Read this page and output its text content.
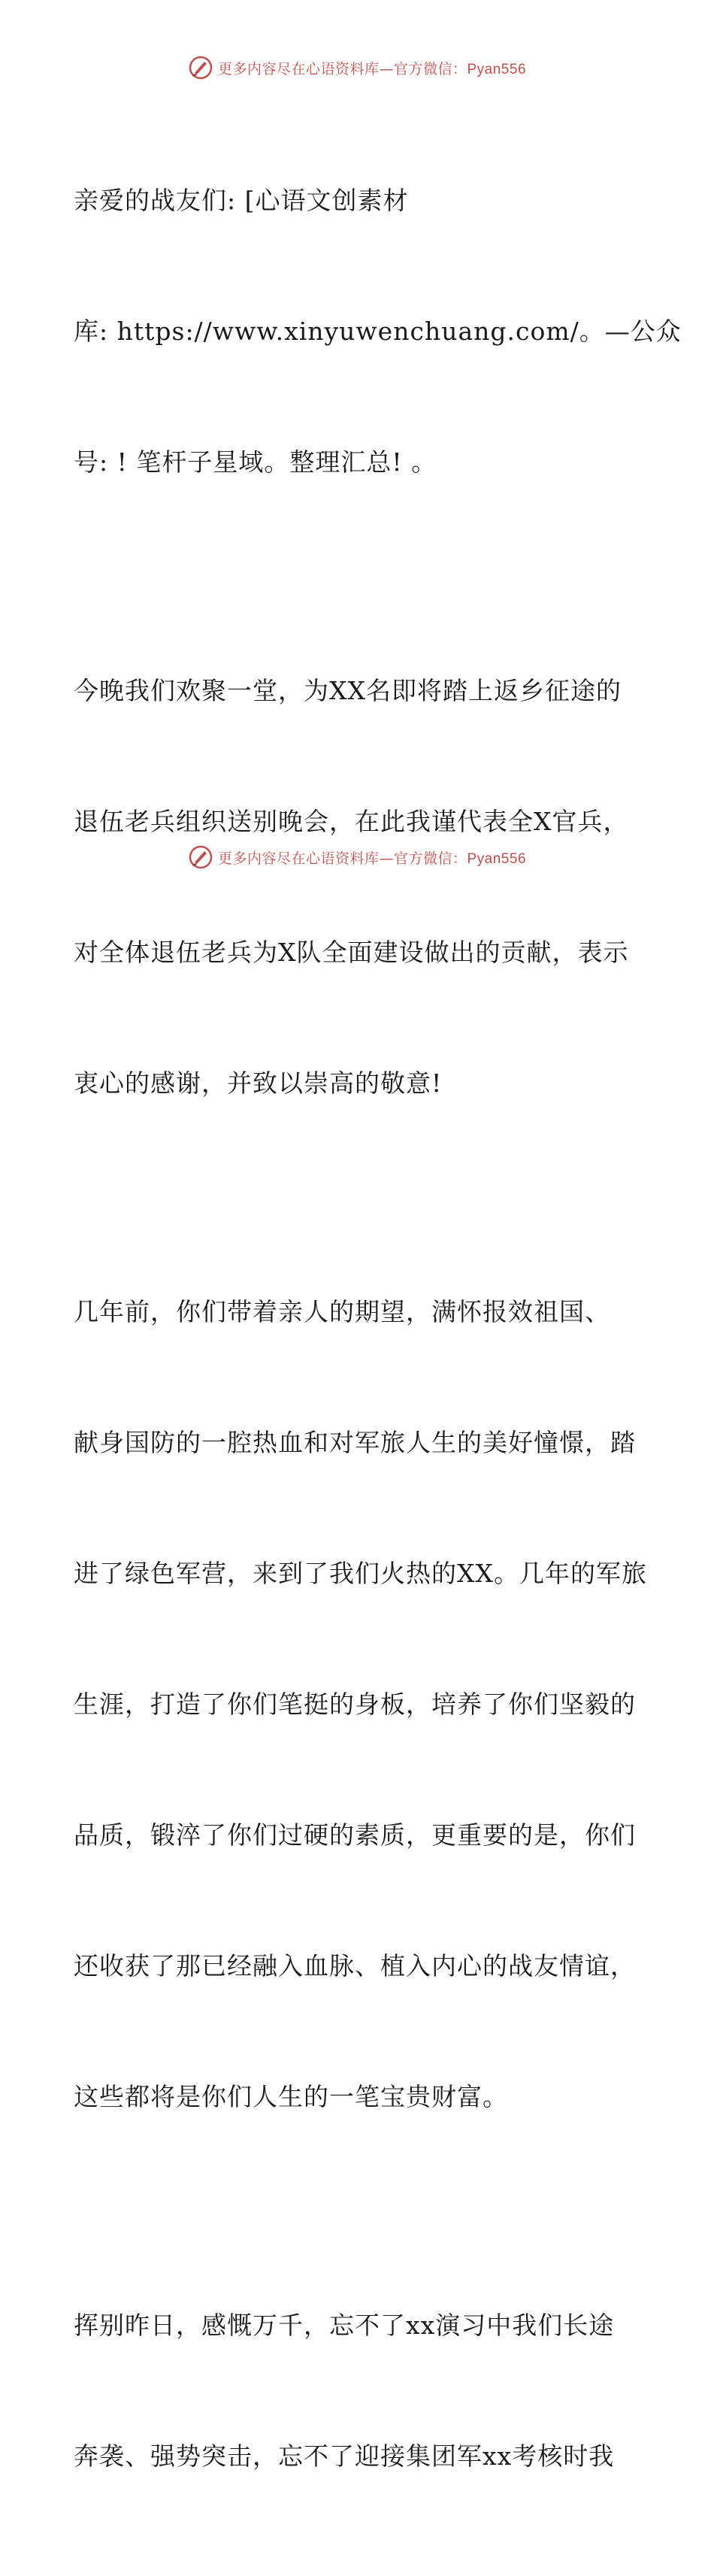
更多内容尽在心语资料库—官方微信：Pyan556

亲爱的战友们: [心语文创素材

库: https://www.xinyuwenchuang.com/。—公众

号: ! 笔杆子星域。整理汇总! 。

今晚我们欢聚一堂，为XX名即将踏上返乡征途的

退伍老兵组织送别晚会，在此我谨代表全X官兵，

对全体退伍老兵为X队全面建设做出的贡献，表示

衷心的感谢，并致以崇高的敬意!

几年前，你们带着亲人的期望，满怀报效祖国、

献身国防的一腔热血和对军旅人生的美好憧憬，踏

进了绿色军营，来到了我们火热的XX。几年的军旅

生涯，打造了你们笔挺的身板，培养了你们坚毅的

品质，锻淬了你们过硬的素质，更重要的是，你们

还收获了那已经融入血脉、植入内心的战友情谊，

这些都将是你们人生的一笔宝贵财富。

挥别昨日，感慨万千，忘不了xx演习中我们长途

奔袭、强势突击，忘不了迎接集团军xx考核时我

更多内容尽在心语资料库—官方微信：Pyan556
